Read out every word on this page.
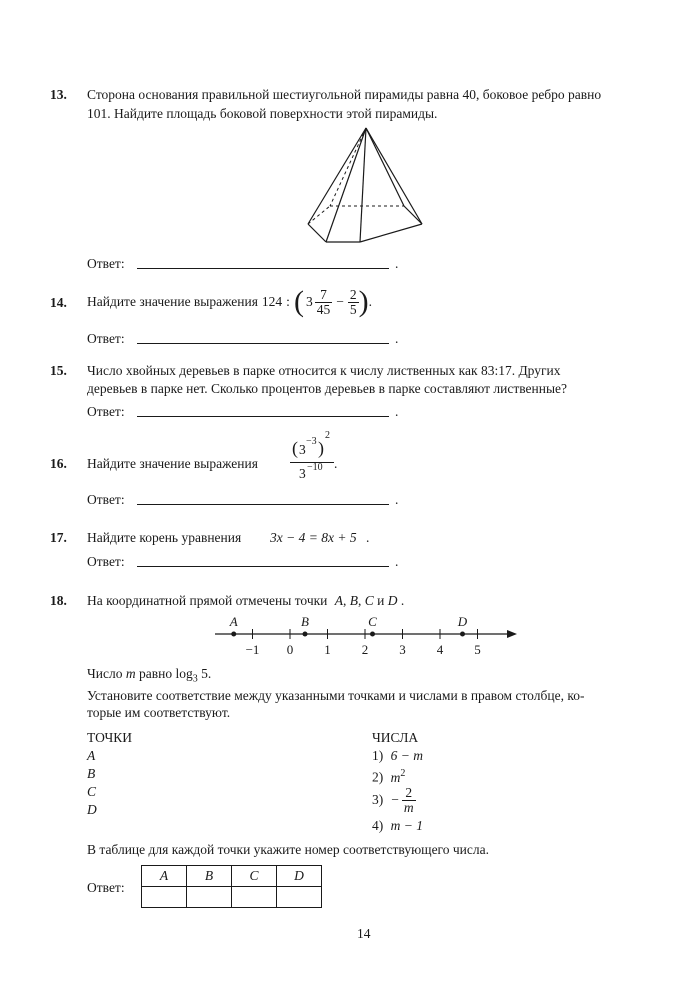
13. Сторона основания правильной шестиугольной пирамиды равна 40, боковое ребро равно
101. Найдите площадь боковой поверхности этой пирамиды.
Ответ:	.
14. Найдите значение выражения 124 : ( $3 \frac{7}{45} - \frac{2}{5}$ ) .
Ответ:	.
15. Число хвойных деревьев в парке относится к числу лиственных как 83:17. Других
деревьев в парке нет. Сколько процентов деревьев в парке составляют лиственные?
Ответ:	.
16. Найдите значение выражения ( 3
−3 )
2
3 −10 .
Ответ:	.
17. Найдите корень уравнения 3x − 4 = 8x + 5 .
Ответ:	.
18. На координатной прямой отмечены точки A, B, C и D .
−1 0 1 2 3 4 5
A	B	C	D
Число m равно $\log_3 5$.
Установите соответствие между указанными точками и числами в правом столбце, ко-
торые им соответствуют.
ТОЧКИ
A
B
C
D
ЧИСЛА
1) 6 − m
2) $m^2$
$3) - \frac{2}{m}$
4) m − 1
В таблице для каждой точки укажите номер соответствующего числа.
Ответ:
A	B	C	D

14
